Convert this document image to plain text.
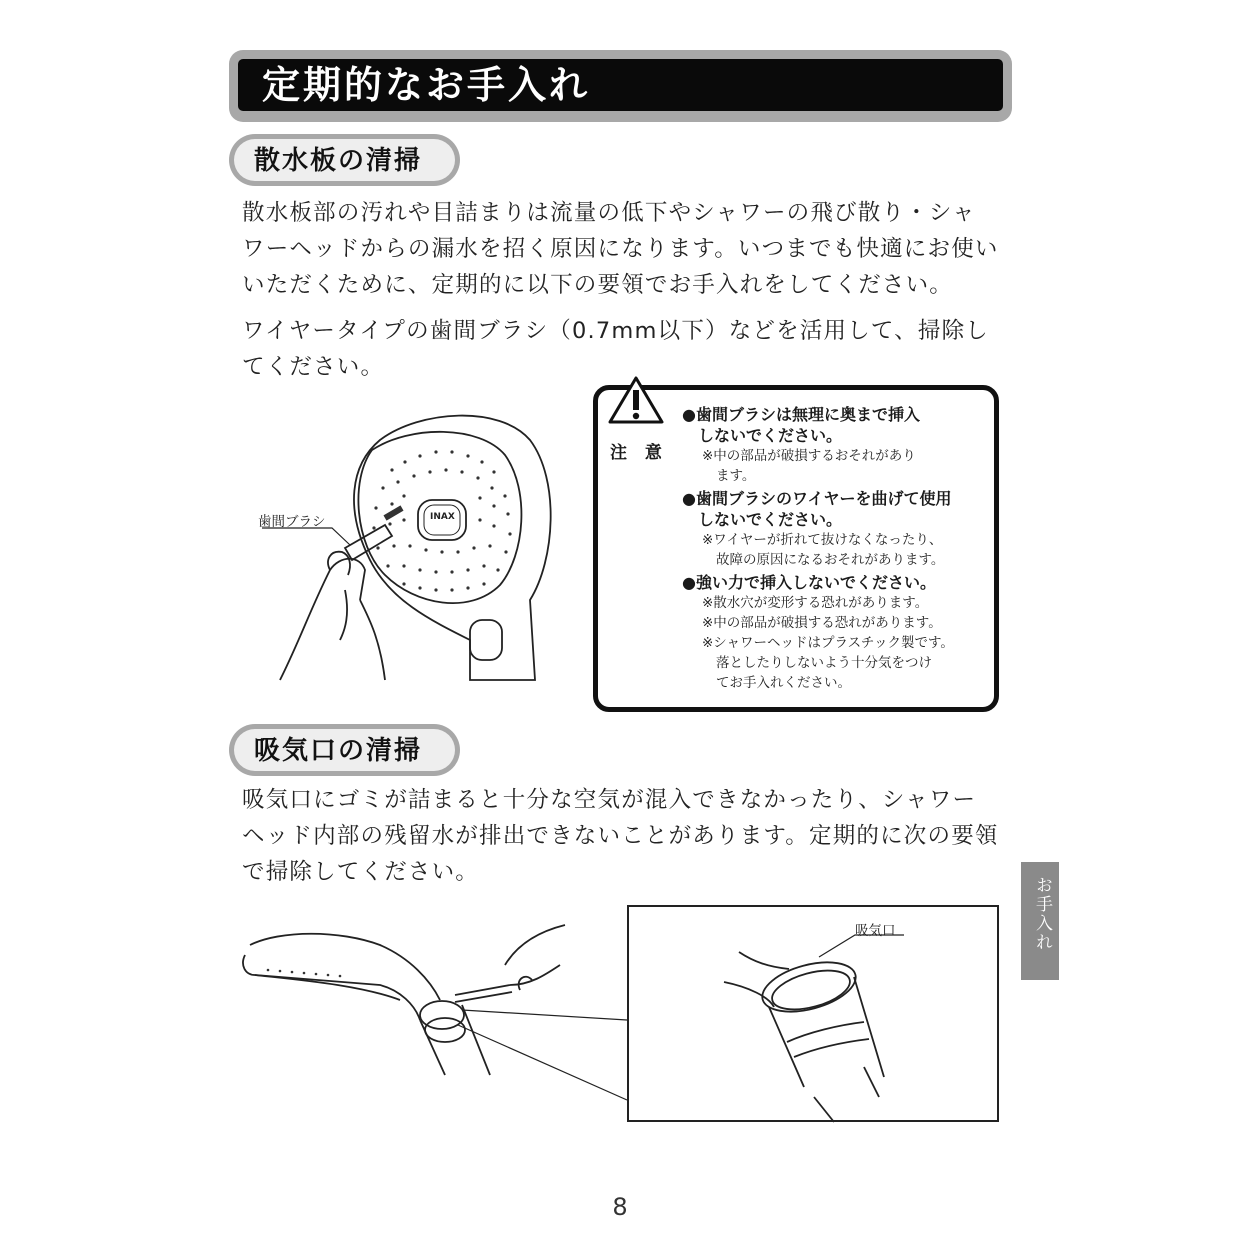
定期的なお手入れ
散水板の清掃
散水板部の汚れや目詰まりは流量の低下やシャワーの飛び散り・シャ
ワーヘッドからの漏水を招く原因になります。いつまでも快適にお使い
いただくために、定期的に以下の要領でお手入れをしてください。
ワイヤータイプの歯間ブラシ（0.7mm以下）などを活用して、掃除し
てください。
歯間ブラシ	INAX
注 意
●歯間ブラシは無理に奥まで挿入
しないでください。
※中の部品が破損するおそれがあり
ます。
●歯間ブラシのワイヤーを曲げて使用
しないでください。
※ワイヤーが折れて抜けなくなったり、
故障の原因になるおそれがあります。
●強い力で挿入しないでください。
※散水穴が変形する恐れがあります。
※中の部品が破損する恐れがあります。
※シャワーヘッドはプラスチック製です。
落としたりしないよう十分気をつけ
てお手入れください。
吸気口の清掃
吸気口にゴミが詰まると十分な空気が混入できなかったり、シャワー
ヘッド内部の残留水が排出できないことがあります。定期的に次の要領
で掃除してください。
お手入れ
吸気口
8
